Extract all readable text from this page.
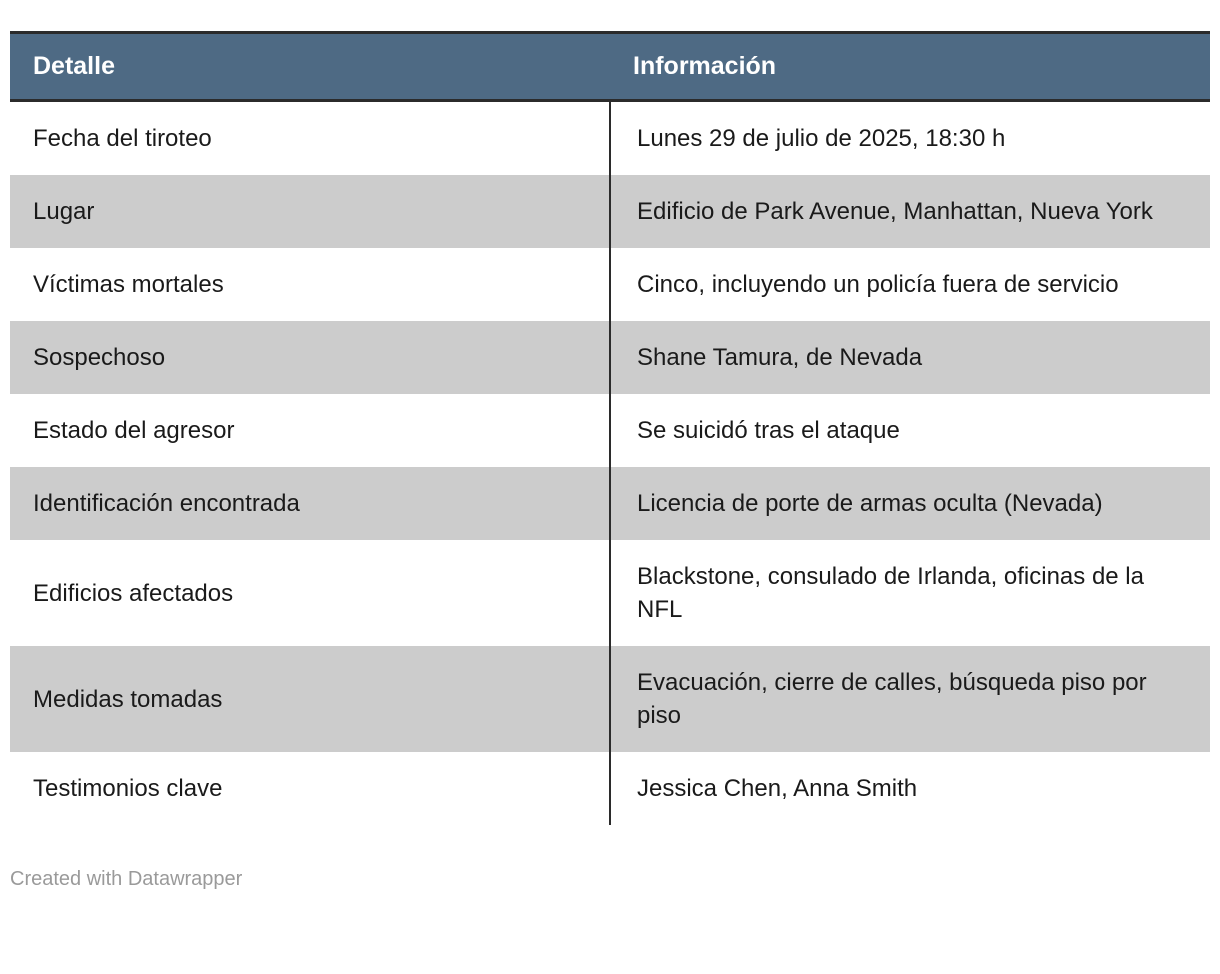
Detalle	Información
Fecha del tiroteo	Lunes 29 de julio de 2025, 18:30 h
Lugar	Edificio de Park Avenue, Manhattan, Nueva York
Víctimas mortales	Cinco, incluyendo un policía fuera de servicio
Sospechoso	Shane Tamura, de Nevada
Estado del agresor	Se suicidó tras el ataque
Identificación encontrada	Licencia de porte de armas oculta (Nevada)
Edificios afectados	Blackstone, consulado de Irlanda, oficinas de la NFL
Medidas tomadas	Evacuación, cierre de calles, búsqueda piso por piso
Testimonios clave	Jessica Chen, Anna Smith
Created with Datawrapper
